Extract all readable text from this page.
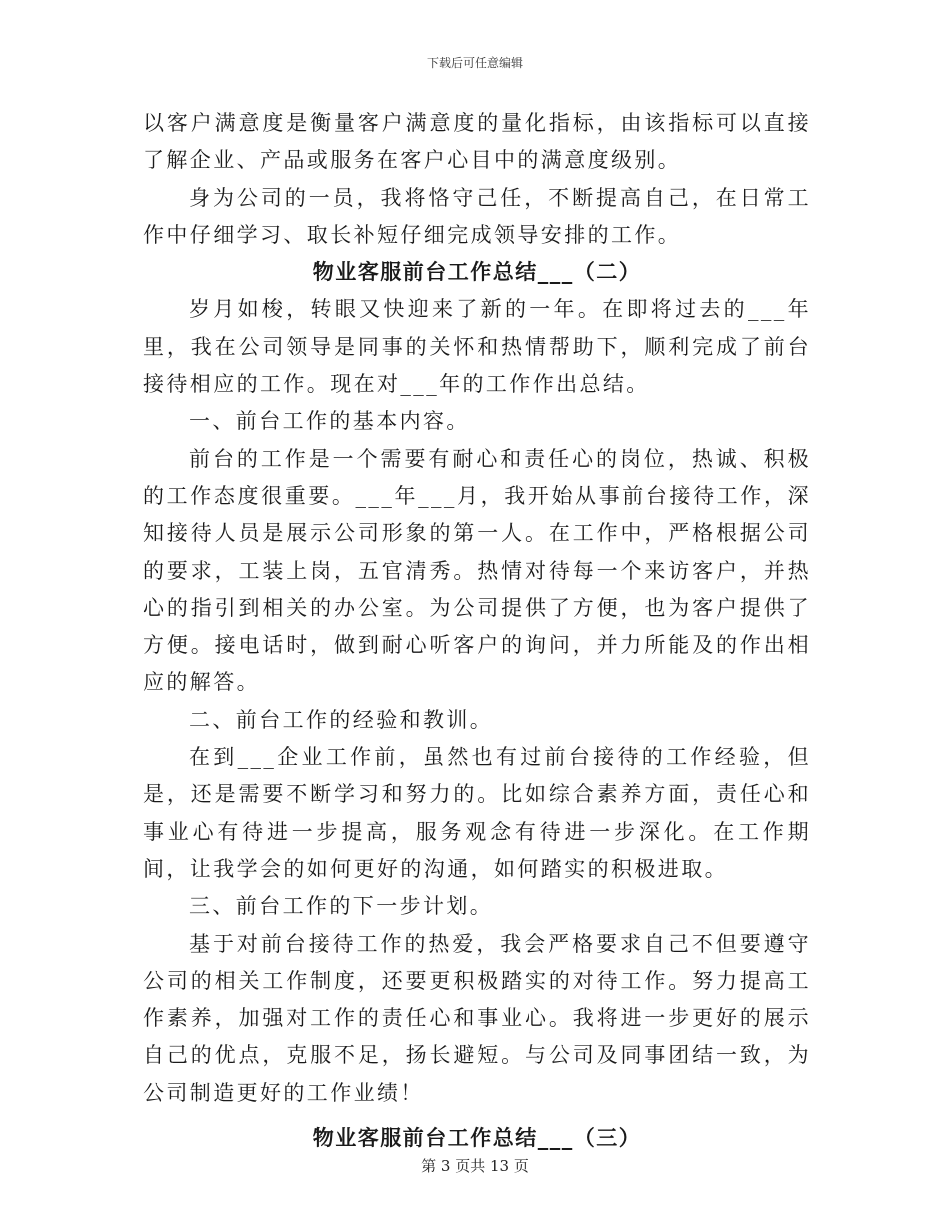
下载后可任意编辑

以客户满意度是衡量客户满意度的量化指标，由该指标可以直接了解企业、产品或服务在客户心目中的满意度级别。

身为公司的一员，我将恪守己任，不断提高自己，在日常工作中仔细学习、取长补短仔细完成领导安排的工作。

物业客服前台工作总结___（二）

岁月如梭，转眼又快迎来了新的一年。在即将过去的___年里，我在公司领导是同事的关怀和热情帮助下，顺利完成了前台接待相应的工作。现在对___年的工作作出总结。

一、前台工作的基本内容。

前台的工作是一个需要有耐心和责任心的岗位，热诚、积极的工作态度很重要。___年___月，我开始从事前台接待工作，深知接待人员是展示公司形象的第一人。在工作中，严格根据公司的要求，工装上岗，五官清秀。热情对待每一个来访客户，并热心的指引到相关的办公室。为公司提供了方便，也为客户提供了方便。接电话时，做到耐心听客户的询问，并力所能及的作出相应的解答。

二、前台工作的经验和教训。

在到___企业工作前，虽然也有过前台接待的工作经验，但是，还是需要不断学习和努力的。比如综合素养方面，责任心和事业心有待进一步提高，服务观念有待进一步深化。在工作期间，让我学会的如何更好的沟通，如何踏实的积极进取。

三、前台工作的下一步计划。

基于对前台接待工作的热爱，我会严格要求自己不但要遵守公司的相关工作制度，还要更积极踏实的对待工作。努力提高工作素养，加强对工作的责任心和事业心。我将进一步更好的展示自己的优点，克服不足，扬长避短。与公司及同事团结一致，为公司制造更好的工作业绩！

物业客服前台工作总结___（三）

第 3 页共 13 页
